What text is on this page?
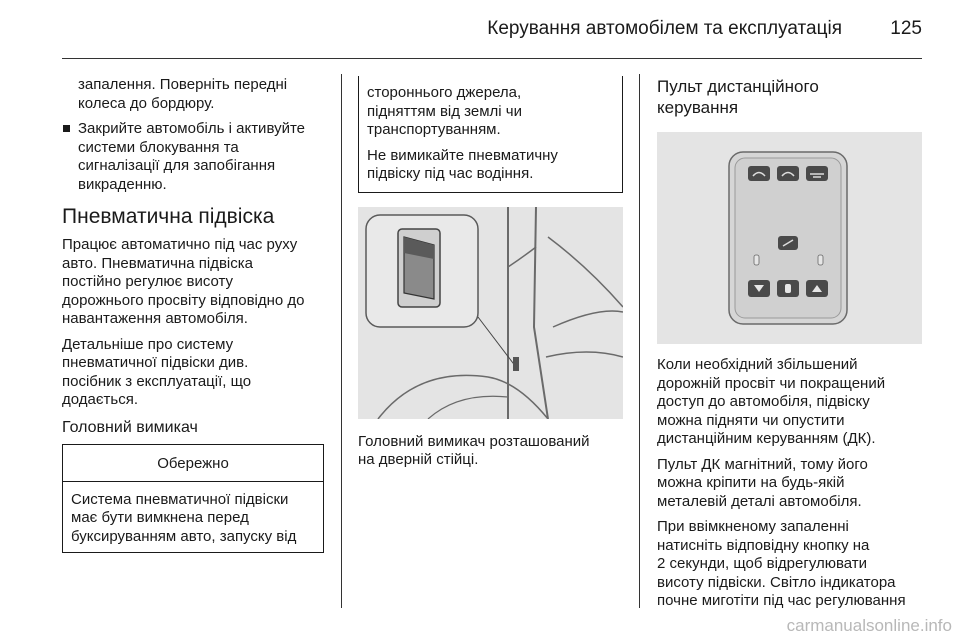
Керування автомобілем та експлуатація	125
запалення. Поверніть передні
колеса до бордюру.
Закрийте автомобіль і активуйте
системи блокування та
сигналізації для запобігання
викраденню.
Пневматична підвіска
Працює автоматично під час руху
авто. Пневматична підвіска
постійно регулює висоту
дорожнього просвіту відповідно до
навантаження автомобіля.
Детальніше про систему
пневматичної підвіски див.
посібник з експлуатації, що
додається.
Головний вимикач
Обережно
Система пневматичної підвіски
має бути вимкнена перед
буксируванням авто, запуску від
стороннього джерела,
підняттям від землі чи
транспортуванням.
Не вимикайте пневматичну
підвіску під час водіння.
Головний вимикач розташований
на дверній стійці.
Пульт дистанційного
керування
Коли необхідний збільшений
дорожній просвіт чи покращений
доступ до автомобіля, підвіску
можна підняти чи опустити
дистанційним керуванням (ДК).
Пульт ДК магнітний, тому його
можна кріпити на будь-якій
металевій деталі автомобіля.
При ввімкненому запаленні
натисніть відповідну кнопку на
2 секунди, щоб відрегулювати
висоту підвіски. Світло індикатора
почне миготіти під час регулювання
carmanualsonline.info
